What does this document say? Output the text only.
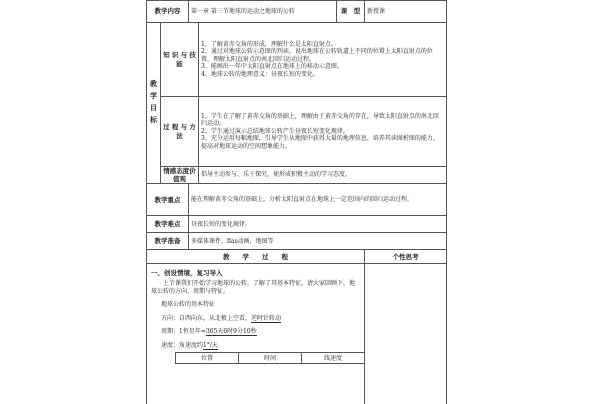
教学内容	第一章 第三节地球的运动之地球的公转	课　型	新授课

教
学
目
标
	知 识 与 技 能	

1、了解黄赤交角的形成，理解什么是太阳直射点。

2、通过对地球公转示意图的判读，说出地球在公转轨道上不同的位置上太阳直射点的位置，理解太阳直射点的南北回归运动过程。

3、能画出一年中太阳直射点在地球上的移动示意图。

4、地球公转的地理意义：昼夜长短的变化。

过 程 与 方 法	

1、学生在了解了黄赤交角的基础上，理解由于黄赤交角的存在，导致太阳直射点的南北回归运动。

2、学生通过演示总结地球公转产生昼夜长短变化规律。

3、充分运用每幅地图，引导学生从地图中获得大量的地理信息，培养其读图析图的能力，提高对地球运动的空间想象能力。

情感态度价值观	倡导主动参与、乐于探究，使形成积极主动的学习态度。
教学重点	能在理解黄赤交角的基础上，分析太阳直射点在地球上一定范围内的回归运动过程。
教学难点	昼夜长短的变化规律。
教学准备	多媒体课件，flas动画，地图等
教　　学　　过　　程	个性思考

一、创设情境，复习导入

上节课我们开始学习地球的公转，了解了其基本特征，请大家回顾下，地球公转的方向、周期与特征。

地球公转的基本特征

方向：自西向东，从北极上空看，逆时针转动

周期：1恒星年=365天6时9分10秒

速度：角速度约1°/天

位置	时间	线速度
